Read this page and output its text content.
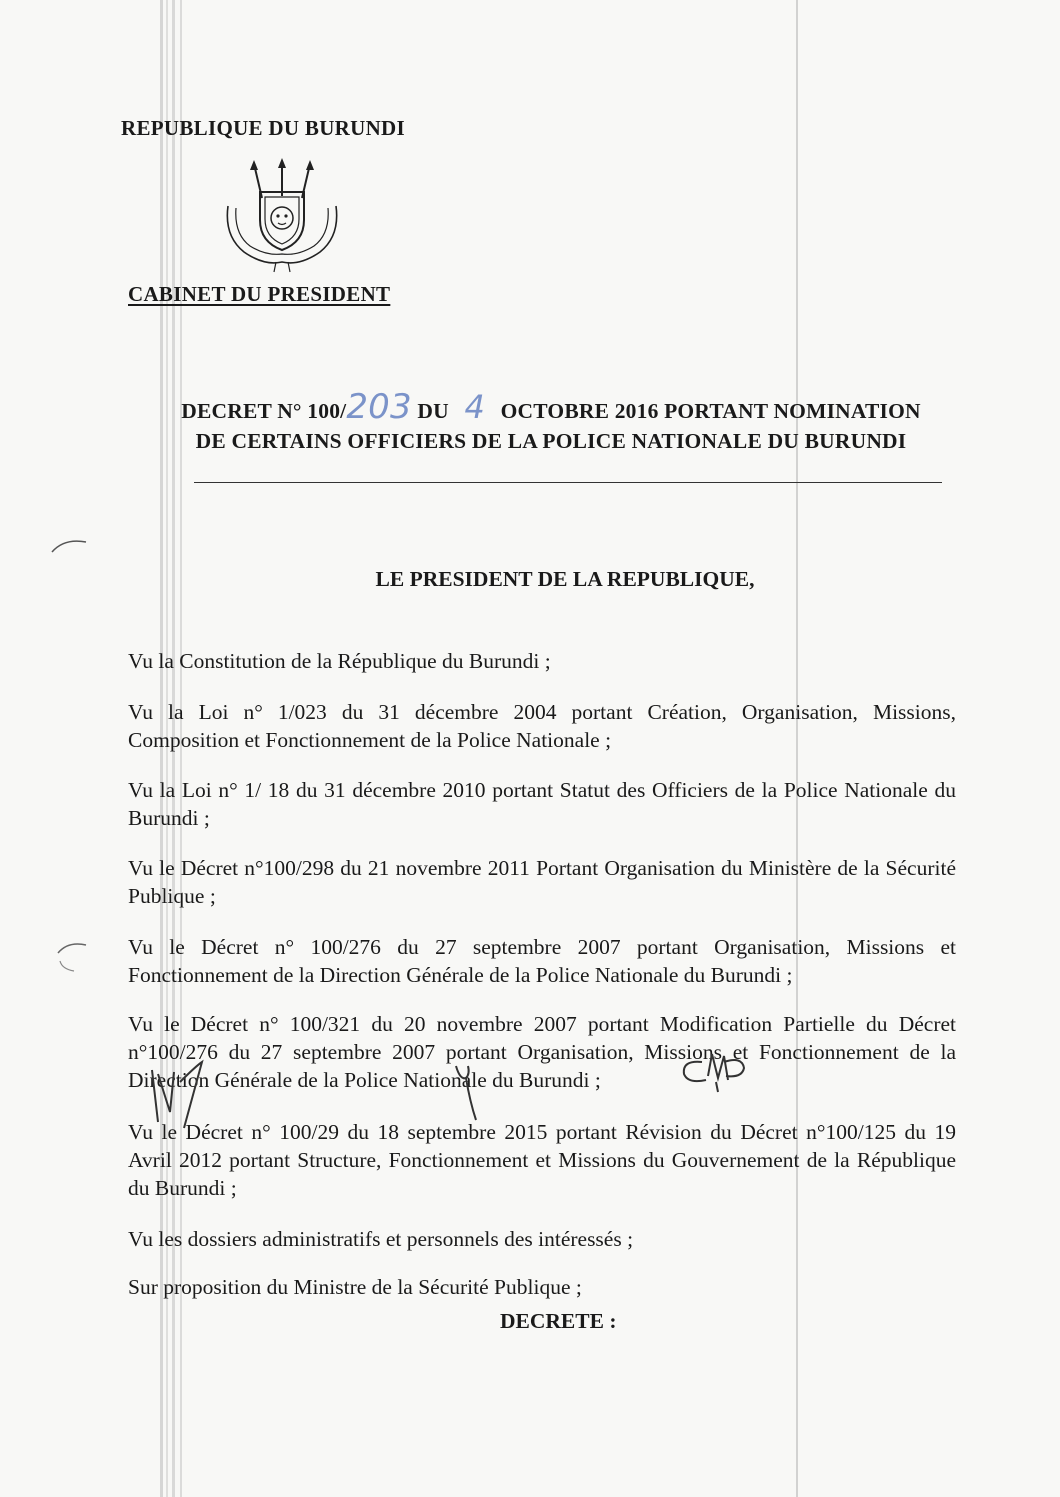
REPUBLIQUE DU BURUNDI

CABINET DU PRESIDENT

DECRET N° 100/203 DU 4 OCTOBRE 2016 PORTANT NOMINATION
DE CERTAINS OFFICIERS DE LA POLICE NATIONALE DU BURUNDI

LE PRESIDENT DE LA REPUBLIQUE,

Vu la Constitution de la République du Burundi ;

Vu la Loi n° 1/023 du 31 décembre 2004 portant Création, Organisation, Missions, Composition et Fonctionnement de la Police Nationale ;

Vu la Loi n° 1/ 18 du 31 décembre 2010 portant Statut des Officiers de la Police Nationale du Burundi ;

Vu le Décret n°100/298 du 21 novembre 2011 Portant Organisation du Ministère de la Sécurité Publique ;

Vu le Décret n° 100/276 du 27 septembre 2007 portant Organisation, Missions et Fonctionnement de la Direction Générale de la Police Nationale du Burundi ;

Vu le Décret n° 100/321 du 20 novembre 2007 portant Modification Partielle du Décret n°100/276 du 27 septembre 2007 portant Organisation, Missions et Fonctionnement de la Direction Générale de la Police Nationale du Burundi ;

Vu le Décret n° 100/29 du 18 septembre 2015 portant Révision du Décret n°100/125 du 19 Avril 2012 portant Structure, Fonctionnement et Missions du Gouvernement de la République du Burundi ;

Vu les dossiers administratifs et personnels des intéressés ;

Sur proposition du Ministre de la Sécurité Publique ;

DECRETE :
